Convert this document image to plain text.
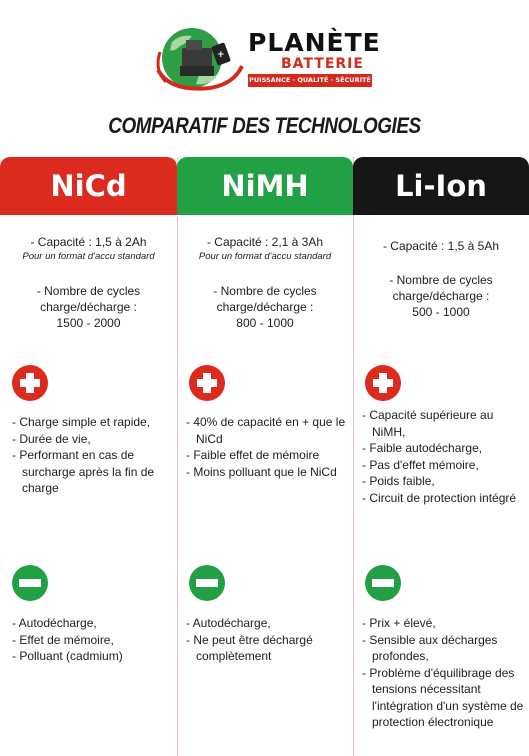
+ PLANÈTE
BATTERIE
PUISSANCE · QUALITÉ · SÉCURITÉ
COMPARATIF DES TECHNOLOGIES
NiCd
- Capacité : 1,5 à 2Ah
Pour un format d'accu standard
- Nombre de cycles
charge/décharge :
1500 - 2000
- Charge simple et rapide,
- Durée de vie,
- Performant en cas de surcharge après la fin de charge
- Autodécharge,
- Effet de mémoire,
- Polluant (cadmium)
NiMH
- Capacité : 2,1 à 3Ah
Pour un format d'accu standard
- Nombre de cycles
charge/décharge :
800 - 1000
- 40% de capacité en + que le NiCd
- Faible effet de mémoire
- Moins polluant que le NiCd
- Autodécharge,
- Ne peut être déchargé complètement
Li-Ion
- Capacité : 1,5 à 5Ah
- Nombre de cycles
charge/décharge :
500 - 1000
- Capacité supérieure au NiMH,
- Faible autodécharge,
- Pas d'effet mémoire,
- Poids faible,
- Circuit de protection intégré
- Prix + élevé,
- Sensible aux décharges profondes,
- Problème d'équilibrage des tensions nécessitant l'intégration d'un système de protection électronique
